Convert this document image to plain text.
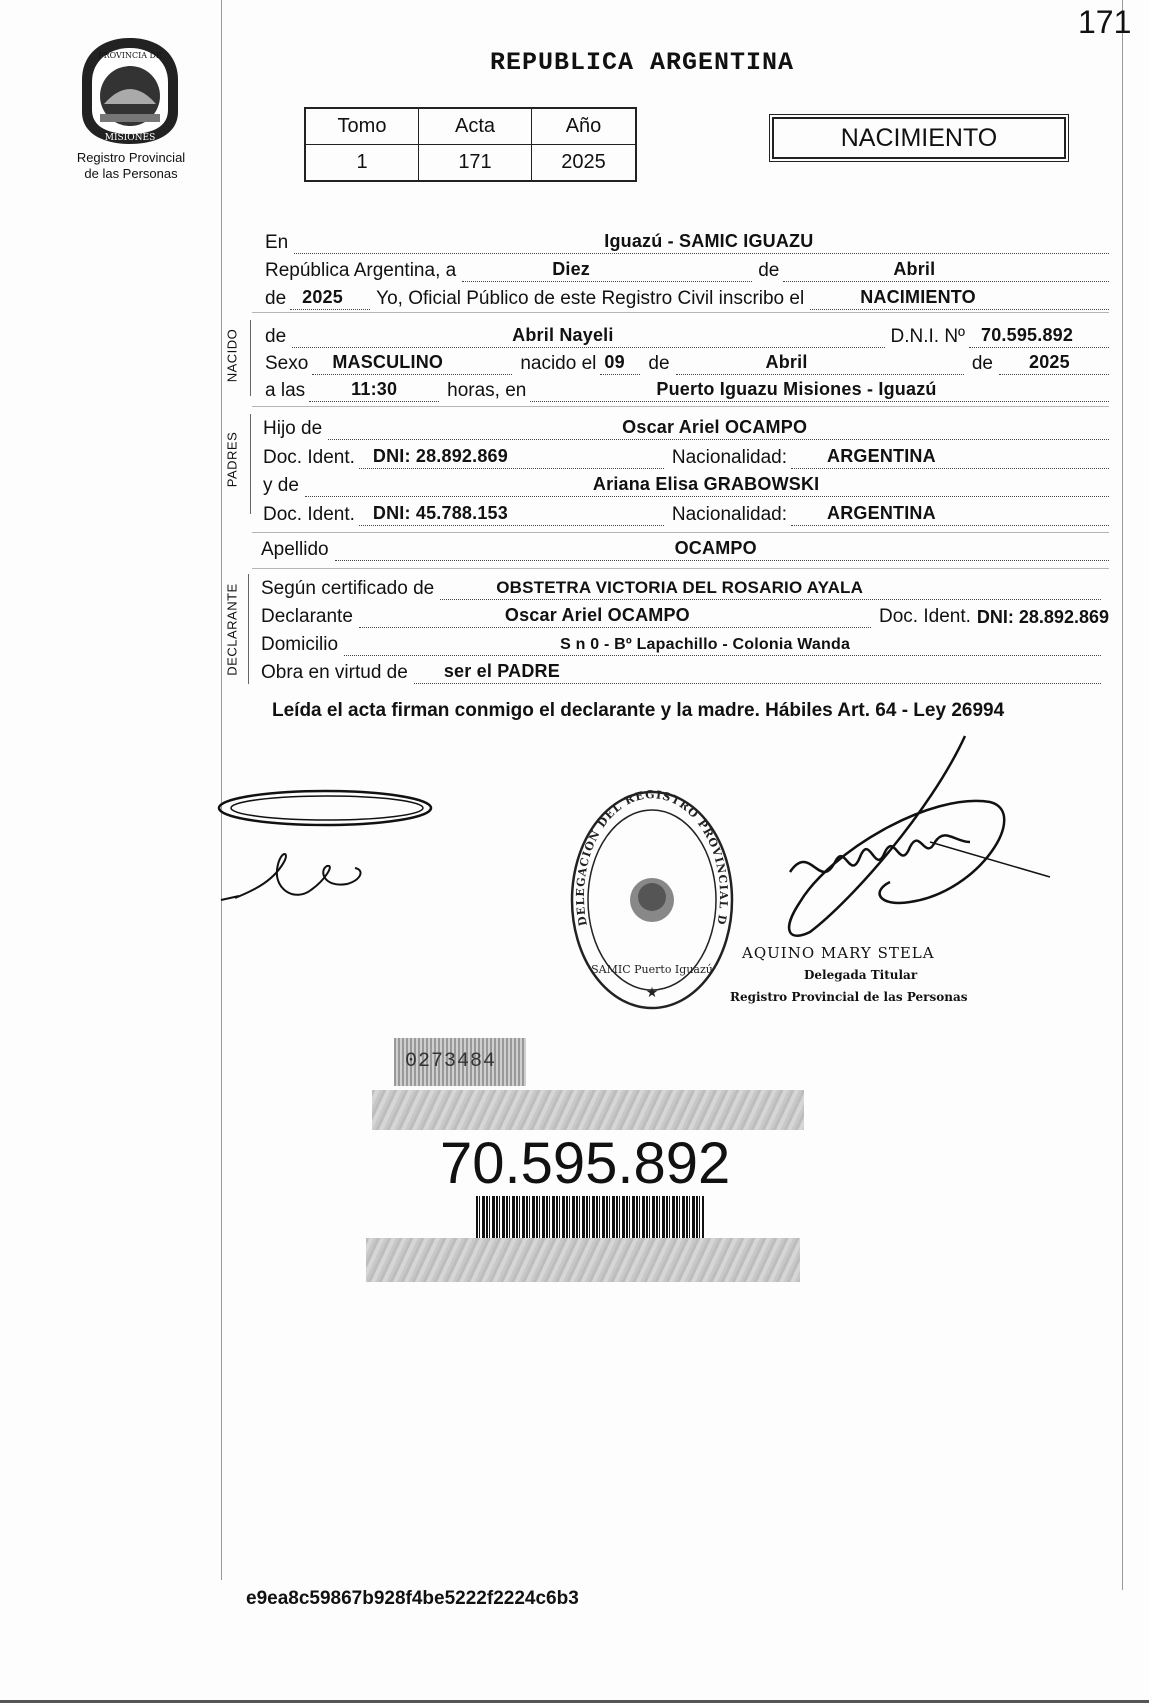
PROVINCIA DE
MISIONES
Registro Provincial
de las Personas
171
REPUBLICA ARGENTINA
Tomo	Acta	Año
1	171	2025
NACIMIENTO
En	Iguazú - SAMIC IGUAZU
República Argentina, a	Diez	de	Abril
de 2025 Yo, Oficial Público de este Registro Civil inscribo el	NACIMIENTO
NACIDO de	Abril Nayeli	D.N.I. Nº 70.595.892
Sexo MASCULINO	nacido el 09 de	Abril	de 2025
a las	11:30	horas, en	Puerto Iguazu Misiones - Iguazú
PADRES
Hijo de	Oscar Ariel OCAMPO
Doc. Ident. DNI: 28.892.869	Nacionalidad: ARGENTINA
y de	Ariana Elisa GRABOWSKI
Doc. Ident. DNI: 45.788.153	Nacionalidad: ARGENTINA
Apellido	OCAMPO
DECLARANTE Según certificado de	OBSTETRA VICTORIA DEL ROSARIO AYALA
Declarante	Oscar Ariel OCAMPO	Doc. Ident. DNI: 28.892.869
Domicilio	S n 0 - Bº Lapachillo - Colonia Wanda
Obra en virtud de ser el PADRE
Leída el acta firman conmigo el declarante y la madre. Hábiles Art. 64 - Ley 26994
DELEGACION DEL REGISTRO PROVINCIAL D
SAMIC Puerto Iguazú
★
AQUINO MARY STELA
Delegada Titular
Registro Provincial de las Personas
0273484
70.595.892
e9ea8c59867b928f4be5222f2224c6b3
